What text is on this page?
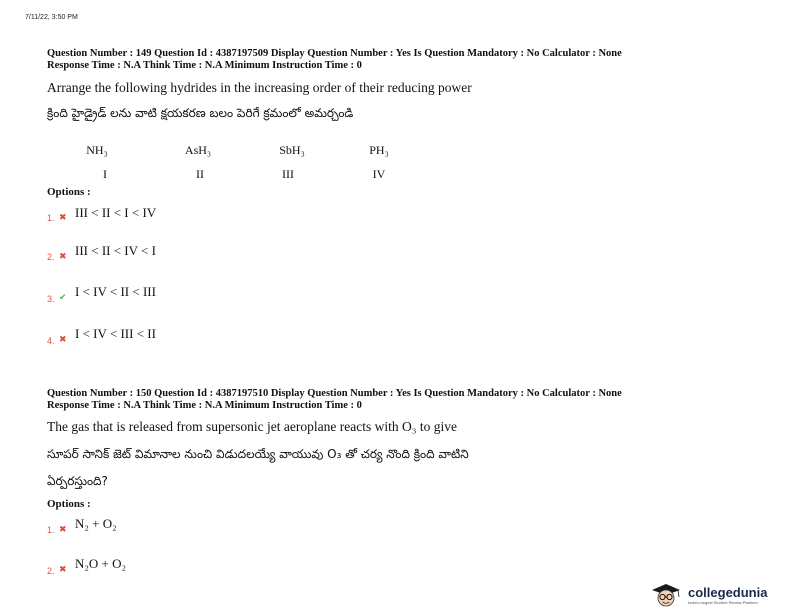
7/11/22, 3:50 PM
Question Number : 149 Question Id : 4387197509 Display Question Number : Yes Is Question Mandatory : No Calculator : None
Response Time : N.A Think Time : N.A Minimum Instruction Time : 0
Arrange the following hydrides in the increasing order of their reducing power
క్రింది హైడ్రైడ్ లను వాటి క్షయకరణ బలం పెరిగే క్రమంలో అమర్చండి
NH₃	AsH₃	SbH₃	PH₃
I	II	III	IV
Options :
1. ✖ III < II < I < IV
2. ✖ III < II < IV < I
3. ✔ I < IV < II < III
4. ✖ I < IV < III < II
Question Number : 150 Question Id : 4387197510 Display Question Number : Yes Is Question Mandatory : No Calculator : None
Response Time : N.A Think Time : N.A Minimum Instruction Time : 0
The gas that is released from supersonic jet aeroplane reacts with O₃ to give
సూపర్ సానిక్ జెట్ విమానాల నుంచి విడుదలయ్యే వాయువు O₃ తో చర్య నొంది క్రింది వాటిని
ఏర్పరస్తుంది?
Options :
1. ✖ N₂ + O₂
2. ✖ N₂O + O₂
collegedunia
India's largest Student Review Platform
